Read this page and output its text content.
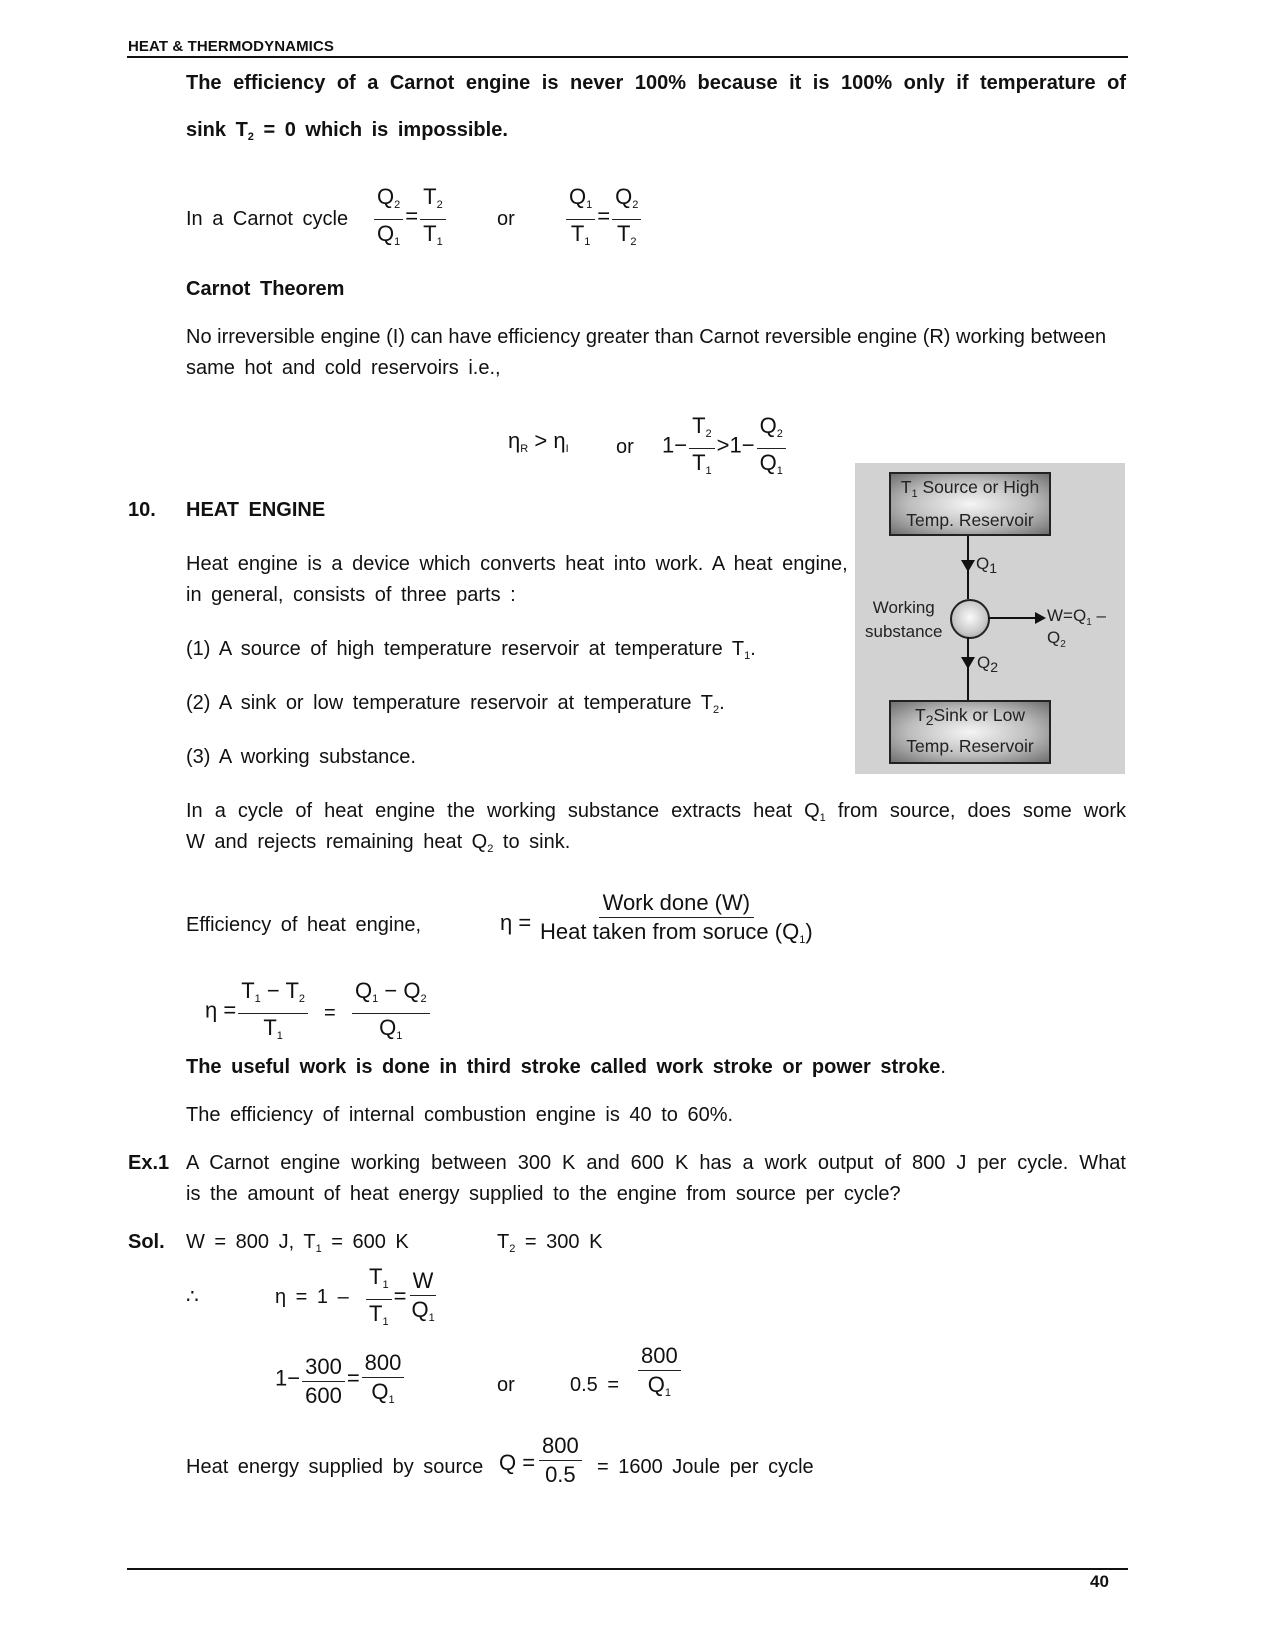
HEAT & THERMODYNAMICS
The efficiency of a Carnot engine is never 100% because it is 100% only if temperature of
sink $T_2 = 0$ which is impossible.
In a Carnot cycle $\frac{Q_2}{Q_1} = \frac{T_2}{T_1}$	or $\frac{Q_1}{T_1} = \frac{Q_2}{T_2}$
Carnot Theorem
No irreversible engine (I) can have efficiency greater than Carnot reversible engine (R) working between
same hot and cold reservoirs i.e.,
$\eta_R > \eta_I$ or $1- \frac{T_2}{T_1} >1- \frac{Q_2}{Q_1}$
10. HEAT ENGINE
Heat engine is a device which converts heat into work. A heat engine,
in general, consists of three parts :
(1) A source of high temperature reservoir at temperature $T_1$.
(2) A sink or low temperature reservoir at temperature $T_2$.
(3) A working substance.
$T_1$ Source or High
Temp. Reservoir
$Q_1$
Working
substance
$W=Q_1 - Q_2$
$Q_2$
$T_2Sink$ or Low
Temp. Reservoir
In a cycle of heat engine the working substance extracts heat $Q_1$ from source, does some work
W and rejects remaining heat $Q_2$ to sink.
Efficiency of heat engine,	$\eta = \frac{\text{Work done (W)}}{Heat taken from soruce (Q_1)}$
$\eta = \frac{T_1 - T_2}{T_1} = \frac{Q_1 - Q_2}{Q_1}$
The useful work is done in third stroke called work stroke or power stroke.
The efficiency of internal combustion engine is 40 to 60%.
Ex.1 A Carnot engine working between 300 K and 600 K has a work output of 800 J per cycle. What
is the amount of heat energy supplied to the engine from source per cycle?
Sol. W = 800 J, $T_1 = 600$ K	$T_2 = 300$ K
∴	$\eta = 1 - \frac{T_1}{T_1} = \frac{W}{Q_1}$
$1- \frac{300}{600} = \frac{800}{Q_1}$	or	$0.5 = \frac{800}{Q_1}$
Heat energy supplied by source $Q = \frac{800}{0.5} = 1600$ Joule per cycle
40
